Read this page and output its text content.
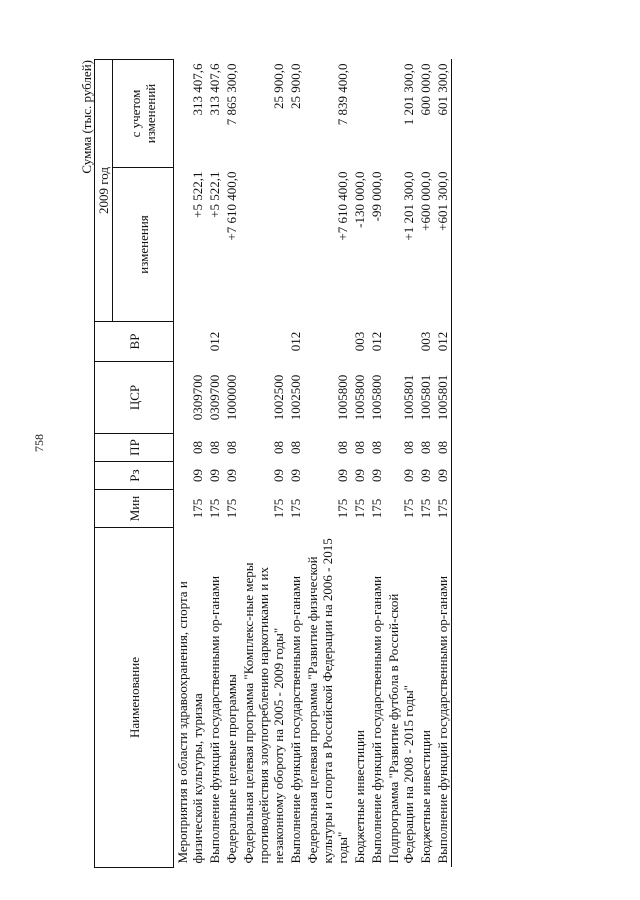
758
Сумма (тыс. рублей)
Наименование	Мин	Рз	ПР	ЦСР	ВР	2009 год	
						изменения	с учетом изменений
Мероприятия в области здравоохранения, спорта и физической культуры, туризма	175	09	08	0309700		+5 522,1	313 407,6
Выполнение функций государственными ор-ганами	175	09	08	0309700	012	+5 522,1	313 407,6
Федеральные целевые программы	175	09	08	1000000		+7 610 400,0	7 865 300,0
Федеральная целевая программа "Комплекс-ные меры противодействия злоупотреблению наркотиками и их незаконному обороту на 2005 - 2009 годы"	175	09	08	1002500			25 900,0
Выполнение функций государственными ор-ганами	175	09	08	1002500	012		25 900,0
Федеральная целевая программа "Развитие физической культуры и спорта в Российской Федерации на 2006 - 2015 годы"	175	09	08	1005800		+7 610 400,0	7 839 400,0
Бюджетные инвестиции	175	09	08	1005800	003	-130 000,0	
Выполнение функций государственными ор-ганами	175	09	08	1005800	012	-99 000,0	
Подпрограмма "Развитие футбола в Россий-ской Федерации на 2008 - 2015 годы"	175	09	08	1005801		+1 201 300,0	1 201 300,0
Бюджетные инвестиции	175	09	08	1005801	003	+600 000,0	600 000,0
Выполнение функций государственными ор-ганами	175	09	08	1005801	012	+601 300,0	601 300,0
